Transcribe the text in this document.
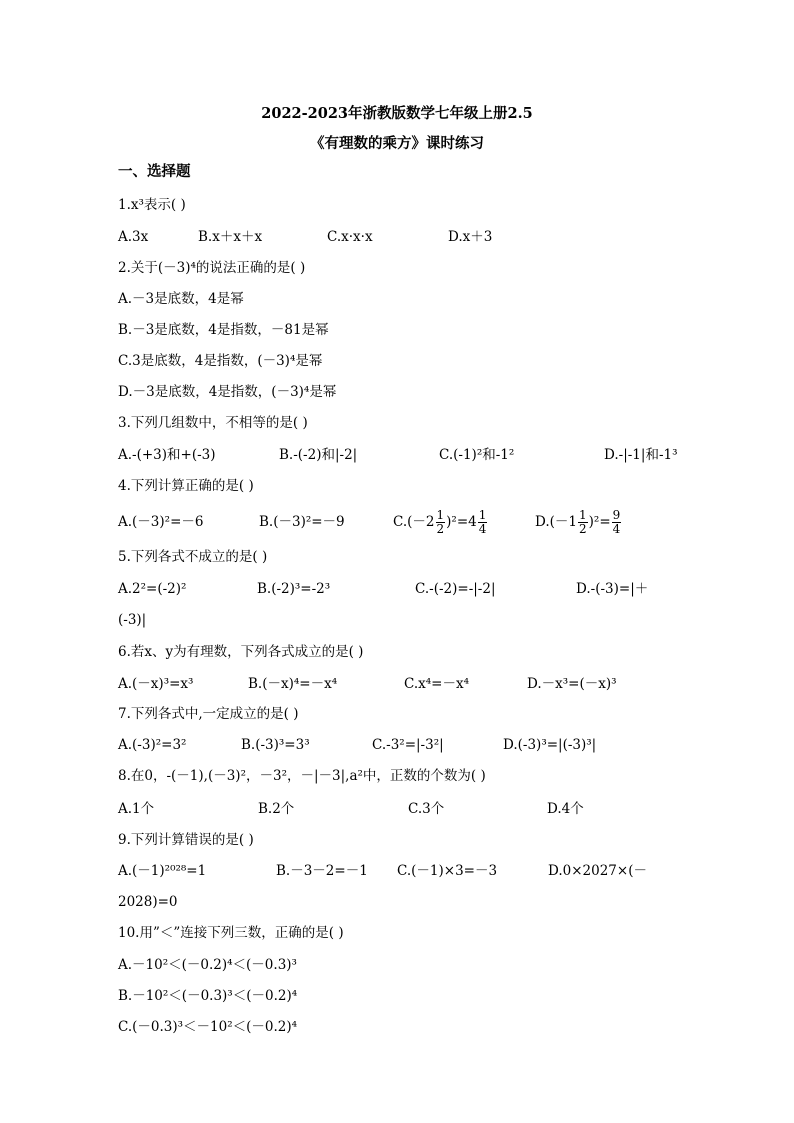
2022-2023年浙教版数学七年级上册2.5
《有理数的乘方》课时练习
一、选择题
1.x³表示( )
A.3x	B.x＋x＋x	C.x·x·x	D.x＋3
2.关于(－3)⁴的说法正确的是( )
A.－3是底数，4是幂
B.－3是底数，4是指数，－81是幂
C.3是底数，4是指数，(－3)⁴是幂
D.－3是底数，4是指数，(－3)⁴是幂
3.下列几组数中，不相等的是( )
A.-(+3)和+(-3)	B.-(-2)和|-2|	C.(-1)²和-1²	D.-|-1|和-1³
4.下列计算正确的是( )
A.(－3)²=－6	B.(－3)²=－9	$C.(-2 \frac{1}{2} )^2=4 \frac{1}{4}$	$D.(-1 \frac{1}{2} )^2= \frac{9}{4}$
5.下列各式不成立的是( )
A.2²=(-2)²	B.(-2)³=-2³	C.-(-2)=-|-2|	D.-(-3)=|＋
(-3)|
6.若x、y为有理数，下列各式成立的是( )
A.(－x)³=x³	B.(－x)⁴=－x⁴	C.x⁴=－x⁴	D.－x³=(－x)³
7.下列各式中,一定成立的是( )
A.(-3)²=3²	B.(-3)³=3³	C.-3²=|-3²|	D.(-3)³=|(-3)³|
8.在0，-(－1),(－3)²，－3²，－|－3|,a²中，正数的个数为( )
A.1个	B.2个	C.3个	D.4个
9.下列计算错误的是( )
A.(－1)²⁰²⁸=1	B.－3－2=－1 C.(－1)×3=－3	D.0×2027×(－
2028)=0
10.用”＜”连接下列三数，正确的是( )
A.－10²＜(－0.2)⁴＜(－0.3)³
B.－10²＜(－0.3)³＜(－0.2)⁴
C.(－0.3)³＜－10²＜(－0.2)⁴
